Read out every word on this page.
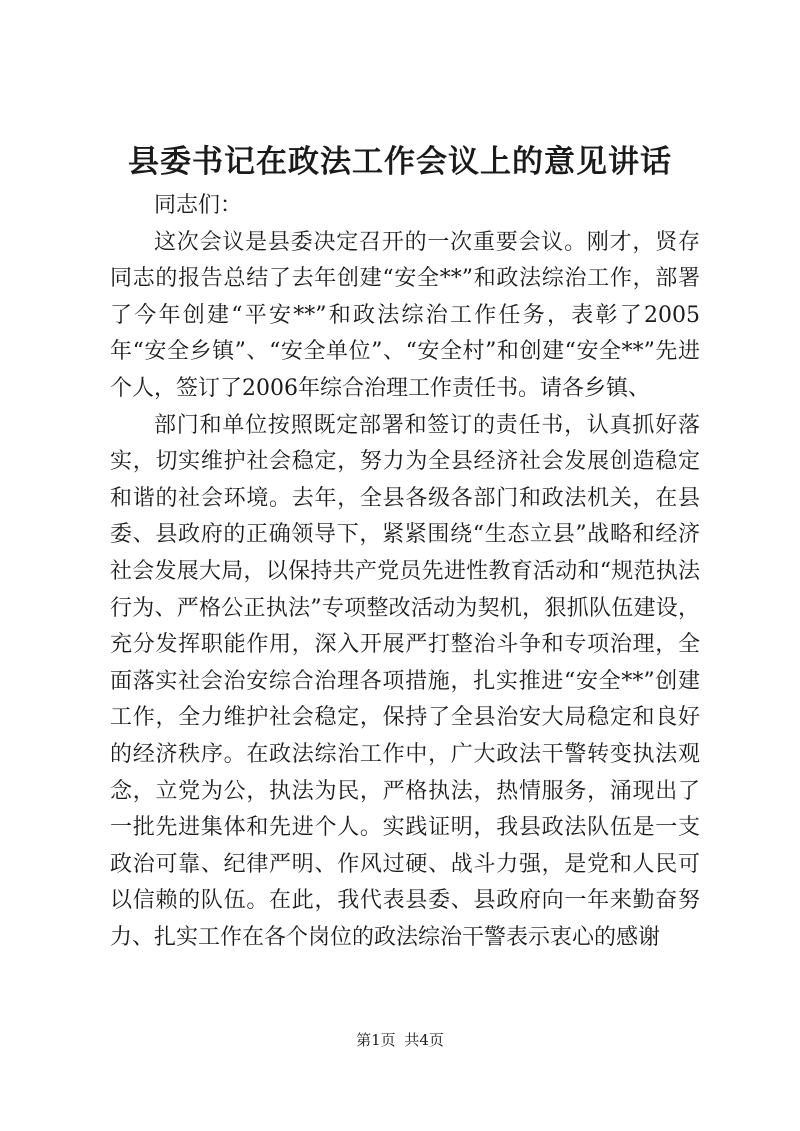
县委书记在政法工作会议上的意见讲话

同志们：

这次会议是县委决定召开的一次重要会议。刚才，贤存同志的报告总结了去年创建“安全**”和政法综治工作，部署了今年创建“平安**”和政法综治工作任务，表彰了2005年“安全乡镇”、“安全单位”、“安全村”和创建“安全**”先进个人，签订了2006年综合治理工作责任书。请各乡镇、

部门和单位按照既定部署和签订的责任书，认真抓好落实，切实维护社会稳定，努力为全县经济社会发展创造稳定和谐的社会环境。去年，全县各级各部门和政法机关，在县委、县政府的正确领导下，紧紧围绕“生态立县”战略和经济社会发展大局，以保持共产党员先进性教育活动和“规范执法行为、严格公正执法”专项整改活动为契机，狠抓队伍建设，充分发挥职能作用，深入开展严打整治斗争和专项治理，全面落实社会治安综合治理各项措施，扎实推进“安全**”创建工作，全力维护社会稳定，保持了全县治安大局稳定和良好的经济秩序。在政法综治工作中，广大政法干警转变执法观念，立党为公，执法为民，严格执法，热情服务，涌现出了一批先进集体和先进个人。实践证明，我县政法队伍是一支政治可靠、纪律严明、作风过硬、战斗力强，是党和人民可以信赖的队伍。在此，我代表县委、县政府向一年来勤奋努力、扎实工作在各个岗位的政法综治干警表示衷心的感谢

第1页 共4页
